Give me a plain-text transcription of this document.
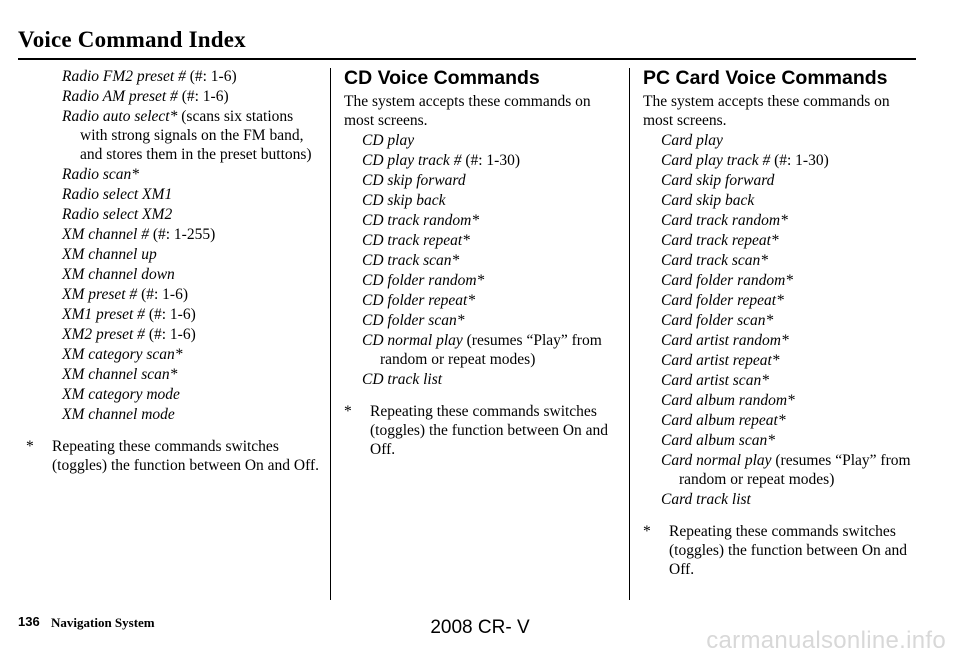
Voice Command Index
Radio FM2 preset # (#: 1-6)
Radio AM preset # (#: 1-6)
Radio auto select* (scans six stations with strong signals on the FM band, and stores them in the preset buttons)
Radio scan*
Radio select XM1
Radio select XM2
XM channel # (#: 1-255)
XM channel up
XM channel down
XM preset # (#: 1-6)
XM1 preset # (#: 1-6)
XM2 preset # (#: 1-6)
XM category scan*
XM channel scan*
XM category mode
XM channel mode
* Repeating these commands switches (toggles) the function between On and Off.
CD Voice Commands
The system accepts these commands on most screens.
CD play
CD play track # (#: 1-30)
CD skip forward
CD skip back
CD track random*
CD track repeat*
CD track scan*
CD folder random*
CD folder repeat*
CD folder scan*
CD normal play (resumes “Play” from random or repeat modes)
CD track list
* Repeating these commands switches (toggles) the function between On and Off.
PC Card Voice Commands
The system accepts these commands on most screens.
Card play
Card play track # (#: 1-30)
Card skip forward
Card skip back
Card track random*
Card track repeat*
Card track scan*
Card folder random*
Card folder repeat*
Card folder scan*
Card artist random*
Card artist repeat*
Card artist scan*
Card album random*
Card album repeat*
Card album scan*
Card normal play (resumes “Play” from random or repeat modes)
Card track list
* Repeating these commands switches (toggles) the function between On and Off.
136 Navigation System	2008 CR- V	carmanualsonline.info
